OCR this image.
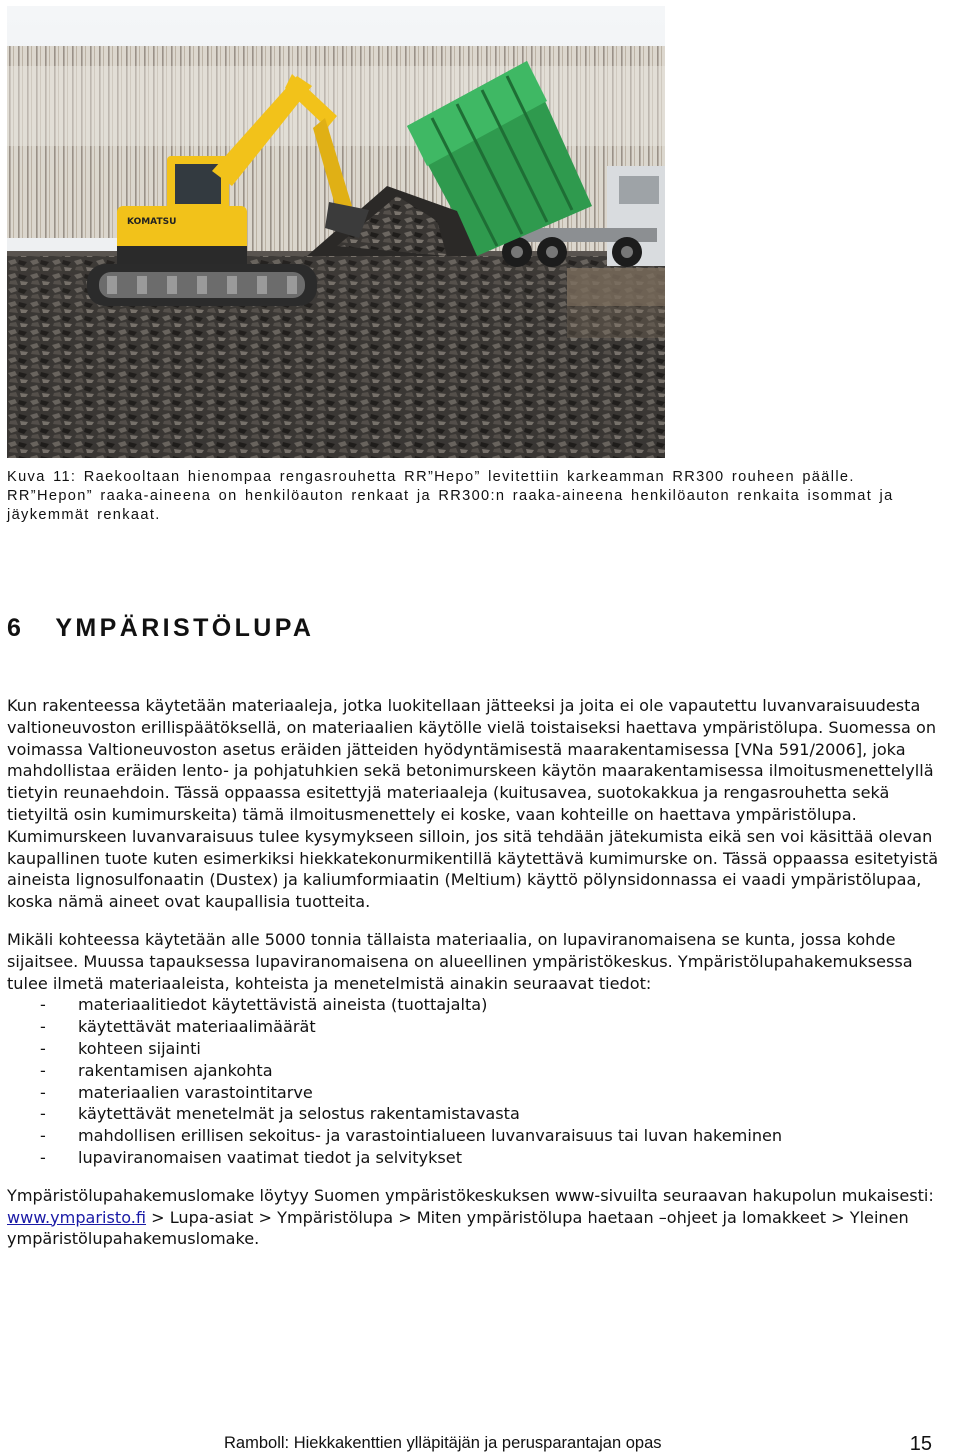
KOMATSU
Kuva 11: Raekooltaan hienompaa rengasrouhetta RR”Hepo” levitettiin karkeamman RR300 rouheen päälle. RR”Hepon” raaka-aineena on henkilöauton renkaat ja RR300:n raaka-aineena henkilöauton renkaita isommat ja jäykemmät renkaat.
6 YMPÄRISTÖLUPA

Kun rakenteessa käytetään materiaaleja, jotka luokitellaan jätteeksi ja joita ei ole vapautettu luvanvaraisuudesta valtioneuvoston erillispäätöksellä, on materiaalien käytölle vielä toistaiseksi haettava ympäristölupa. Suomessa on voimassa Valtioneuvoston asetus eräiden jätteiden hyödyntämisestä maarakentamisessa [VNa 591/2006], joka mahdollistaa eräiden lento- ja pohjatuhkien sekä betonimurskeen käytön maarakentamisessa ilmoitusmenettelyllä tietyin reunaehdoin. Tässä oppaassa esitettyjä materiaaleja (kuitusavea, suotokakkua ja rengasrouhetta sekä tietyiltä osin kumimurskeita) tämä ilmoitusmenettely ei koske, vaan kohteille on haettava ympäristölupa. Kumimurskeen luvanvaraisuus tulee kysymykseen silloin, jos sitä tehdään jätekumista eikä sen voi käsittää olevan kaupallinen tuote kuten esimerkiksi hiekkatekonurmikentillä käytettävä kumimurske on. Tässä oppaassa esitetyistä aineista lignosulfonaatin (Dustex) ja kaliumformiaatin (Meltium) käyttö pölynsidonnassa ei vaadi ympäristölupaa, koska nämä aineet ovat kaupallisia tuotteita.

Mikäli kohteessa käytetään alle 5000 tonnia tällaista materiaalia, on lupaviranomaisena se kunta, jossa kohde sijaitsee. Muussa tapauksessa lupaviranomaisena on alueellinen ympäristökeskus. Ympäristölupahakemuksessa tulee ilmetä materiaaleista, kohteista ja menetelmistä ainakin seuraavat tiedot:

- materiaalitiedot käytettävistä aineista (tuottajalta)
- käytettävät materiaalimäärät
- kohteen sijainti
- rakentamisen ajankohta
- materiaalien varastointitarve
- käytettävät menetelmät ja selostus rakentamistavasta
- mahdollisen erillisen sekoitus- ja varastointialueen luvanvaraisuus tai luvan hakeminen
- lupaviranomaisen vaatimat tiedot ja selvitykset

Ympäristölupahakemuslomake löytyy Suomen ympäristökeskuksen www-sivuilta seuraavan hakupolun mukaisesti: www.ymparisto.fi > Lupa-asiat > Ympäristölupa > Miten ympäristölupa haetaan –ohjeet ja lomakkeet > Yleinen ympäristölupahakemuslomake.

Ramboll: Hiekkakenttien ylläpitäjän ja perusparantajan opas	15
